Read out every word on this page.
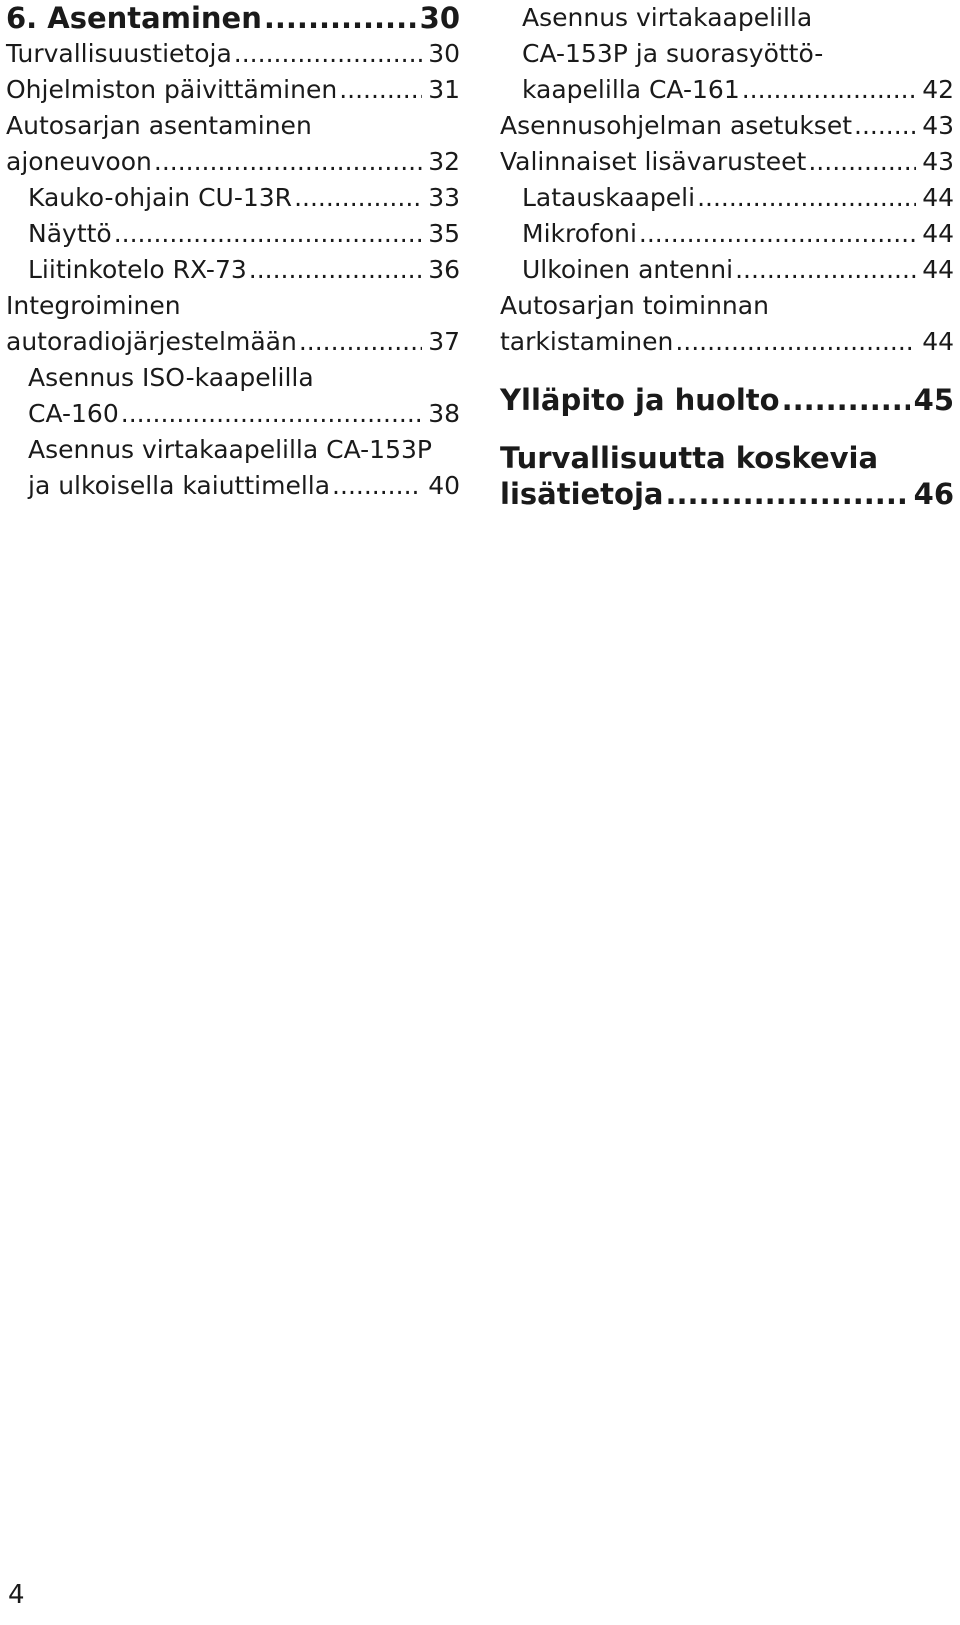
6. Asentaminen .....	30
Turvallisuustietoja .....	30
Ohjelmiston päivittäminen .....	31
Autosarjan asentaminen
ajoneuvoon .....	32
Kauko-ohjain CU-13R .....	33
Näyttö .....	35
Liitinkotelo RX-73 .....	36
Integroiminen
autoradiojärjestelmään .....	37
Asennus ISO-kaapelilla
CA-160 .....	38
Asennus virtakaapelilla CA-153P
ja ulkoisella kaiuttimella .....	40
Asennus virtakaapelilla
CA-153P ja suorasyöttö-
kaapelilla CA-161 .....	42
Asennusohjelman asetukset .....	43
Valinnaiset lisävarusteet .....	43
Latauskaapeli .....	44
Mikrofoni .....	44
Ulkoinen antenni .....	44
Autosarjan toiminnan
tarkistaminen .....	44
Ylläpito ja huolto .....	45
Turvallisuutta koskevia
lisätietoja .....	46
4
